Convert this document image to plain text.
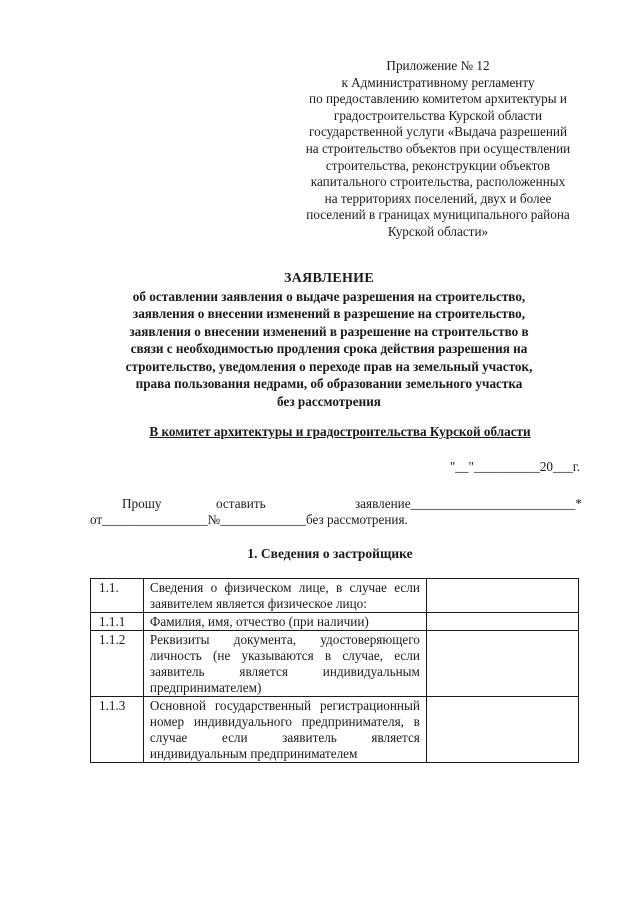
Приложение № 12
к Административному регламенту
по предоставлению комитетом архитектуры и
градостроительства Курской области
государственной услуги «Выдача разрешений
на строительство объектов при осуществлении
строительства, реконструкции объектов
капитального строительства, расположенных
на территориях поселений, двух и более
поселений в границах муниципального района
Курской области»
ЗАЯВЛЕНИЕ
об оставлении заявления о выдаче разрешения на строительство,
заявления о внесении изменений в разрешение на строительство,
заявления о внесении изменений в разрешение на строительство в
связи с необходимостью продления срока действия разрешения на
строительство, уведомления о переходе прав на земельный участок,
права пользования недрами, об образовании земельного участка
без рассмотрения
В комитет архитектуры и градостроительства Курской области
"__"__________20___г.
Прошу	оставить	заявление_________________________*
от________________№_____________без рассмотрения.
1. Сведения о застройщике
1.1.	Сведения о физическом лице, в случае если заявителем является физическое лицо:	
1.1.1	Фамилия, имя, отчество (при наличии)	
1.1.2	Реквизиты документа, удостоверяющего личность (не указываются в случае, если заявитель является индивидуальным предпринимателем)	
1.1.3	Основной государственный регистрационный номер индивидуального предпринимателя, в случае если заявитель является индивидуальным предпринимателем	
